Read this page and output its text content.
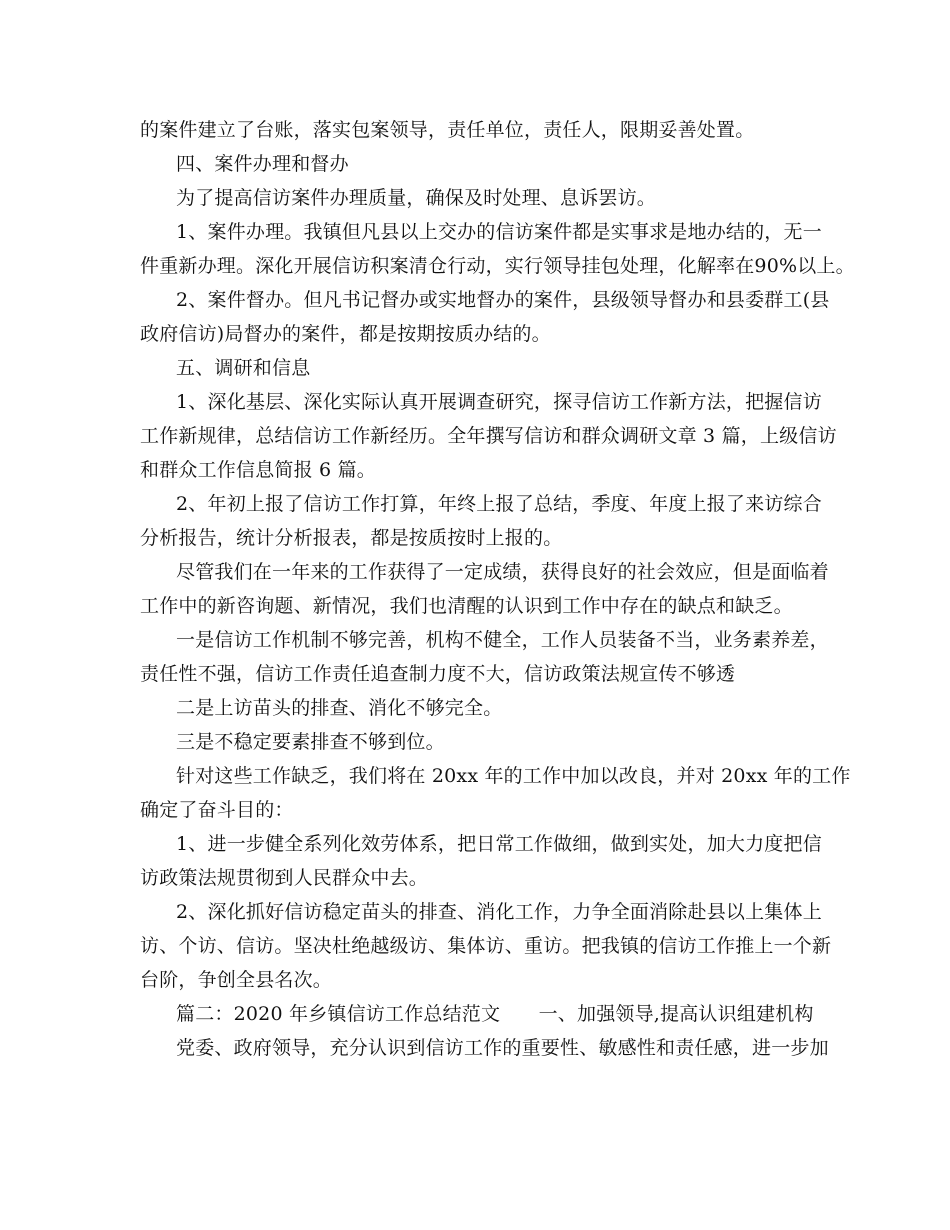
的案件建立了台账，落实包案领导，责任单位，责任人，限期妥善处置。
四、案件办理和督办
为了提高信访案件办理质量，确保及时处理、息诉罢访。
1、案件办理。我镇但凡县以上交办的信访案件都是实事求是地办结的，无一
件重新办理。深化开展信访积案清仓行动，实行领导挂包处理，化解率在90%以上。
2、案件督办。但凡书记督办或实地督办的案件，县级领导督办和县委群工(县
政府信访)局督办的案件，都是按期按质办结的。
五、调研和信息
1、深化基层、深化实际认真开展调查研究，探寻信访工作新方法，把握信访
工作新规律，总结信访工作新经历。全年撰写信访和群众调研文章 3 篇，上级信访
和群众工作信息简报 6 篇。
2、年初上报了信访工作打算，年终上报了总结，季度、年度上报了来访综合
分析报告，统计分析报表，都是按质按时上报的。
尽管我们在一年来的工作获得了一定成绩，获得良好的社会效应，但是面临着
工作中的新咨询题、新情况，我们也清醒的认识到工作中存在的缺点和缺乏。
一是信访工作机制不够完善，机构不健全，工作人员装备不当，业务素养差，
责任性不强，信访工作责任追查制力度不大，信访政策法规宣传不够透
二是上访苗头的排查、消化不够完全。
三是不稳定要素排查不够到位。
针对这些工作缺乏，我们将在 20xx 年的工作中加以改良，并对 20xx 年的工作
确定了奋斗目的：
1、进一步健全系列化效劳体系，把日常工作做细，做到实处，加大力度把信
访政策法规贯彻到人民群众中去。
2、深化抓好信访稳定苗头的排查、消化工作，力争全面消除赴县以上集体上
访、个访、信访。坚决杜绝越级访、集体访、重访。把我镇的信访工作推上一个新
台阶，争创全县名次。
篇二：2020 年乡镇信访工作总结范文　　一、加强领导,提高认识组建机构
党委、政府领导，充分认识到信访工作的重要性、敏感性和责任感，进一步加
